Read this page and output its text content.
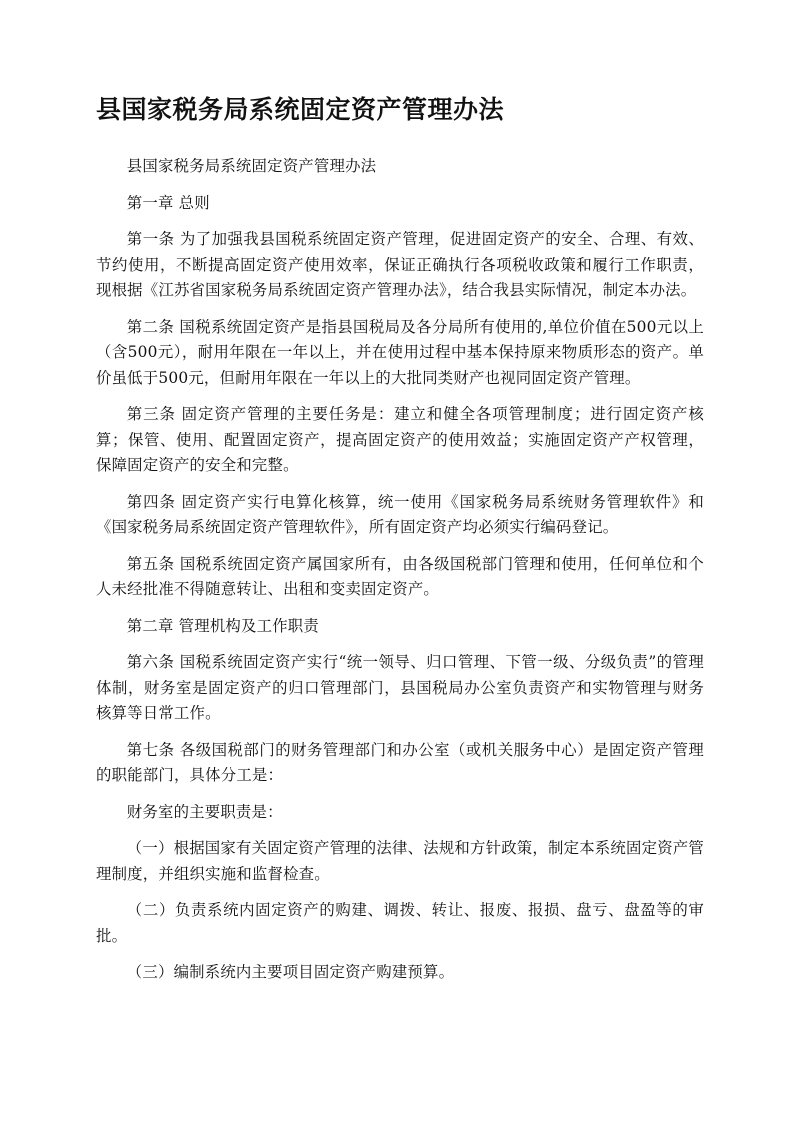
县国家税务局系统固定资产管理办法

县国家税务局系统固定资产管理办法

第一章 总则

第一条 为了加强我县国税系统固定资产管理，促进固定资产的安全、合理、有效、节约使用，不断提高固定资产使用效率，保证正确执行各项税收政策和履行工作职责，现根据《江苏省国家税务局系统固定资产管理办法》，结合我县实际情况，制定本办法。

第二条 国税系统固定资产是指县国税局及各分局所有使用的,单位价值在500元以上（含500元），耐用年限在一年以上，并在使用过程中基本保持原来物质形态的资产。单价虽低于500元，但耐用年限在一年以上的大批同类财产也视同固定资产管理。

第三条 固定资产管理的主要任务是：建立和健全各项管理制度；进行固定资产核算；保管、使用、配置固定资产，提高固定资产的使用效益；实施固定资产产权管理，保障固定资产的安全和完整。

第四条 固定资产实行电算化核算，统一使用《国家税务局系统财务管理软件》和《国家税务局系统固定资产管理软件》，所有固定资产均必须实行编码登记。

第五条 国税系统固定资产属国家所有，由各级国税部门管理和使用，任何单位和个人未经批准不得随意转让、出租和变卖固定资产。

第二章 管理机构及工作职责

第六条 国税系统固定资产实行“统一领导、归口管理、下管一级、分级负责”的管理体制，财务室是固定资产的归口管理部门，县国税局办公室负责资产和实物管理与财务核算等日常工作。

第七条 各级国税部门的财务管理部门和办公室（或机关服务中心）是固定资产管理的职能部门，具体分工是：

财务室的主要职责是：

（一）根据国家有关固定资产管理的法律、法规和方针政策，制定本系统固定资产管理制度，并组织实施和监督检查。

（二）负责系统内固定资产的购建、调拨、转让、报废、报损、盘亏、盘盈等的审批。

（三）编制系统内主要项目固定资产购建预算。
